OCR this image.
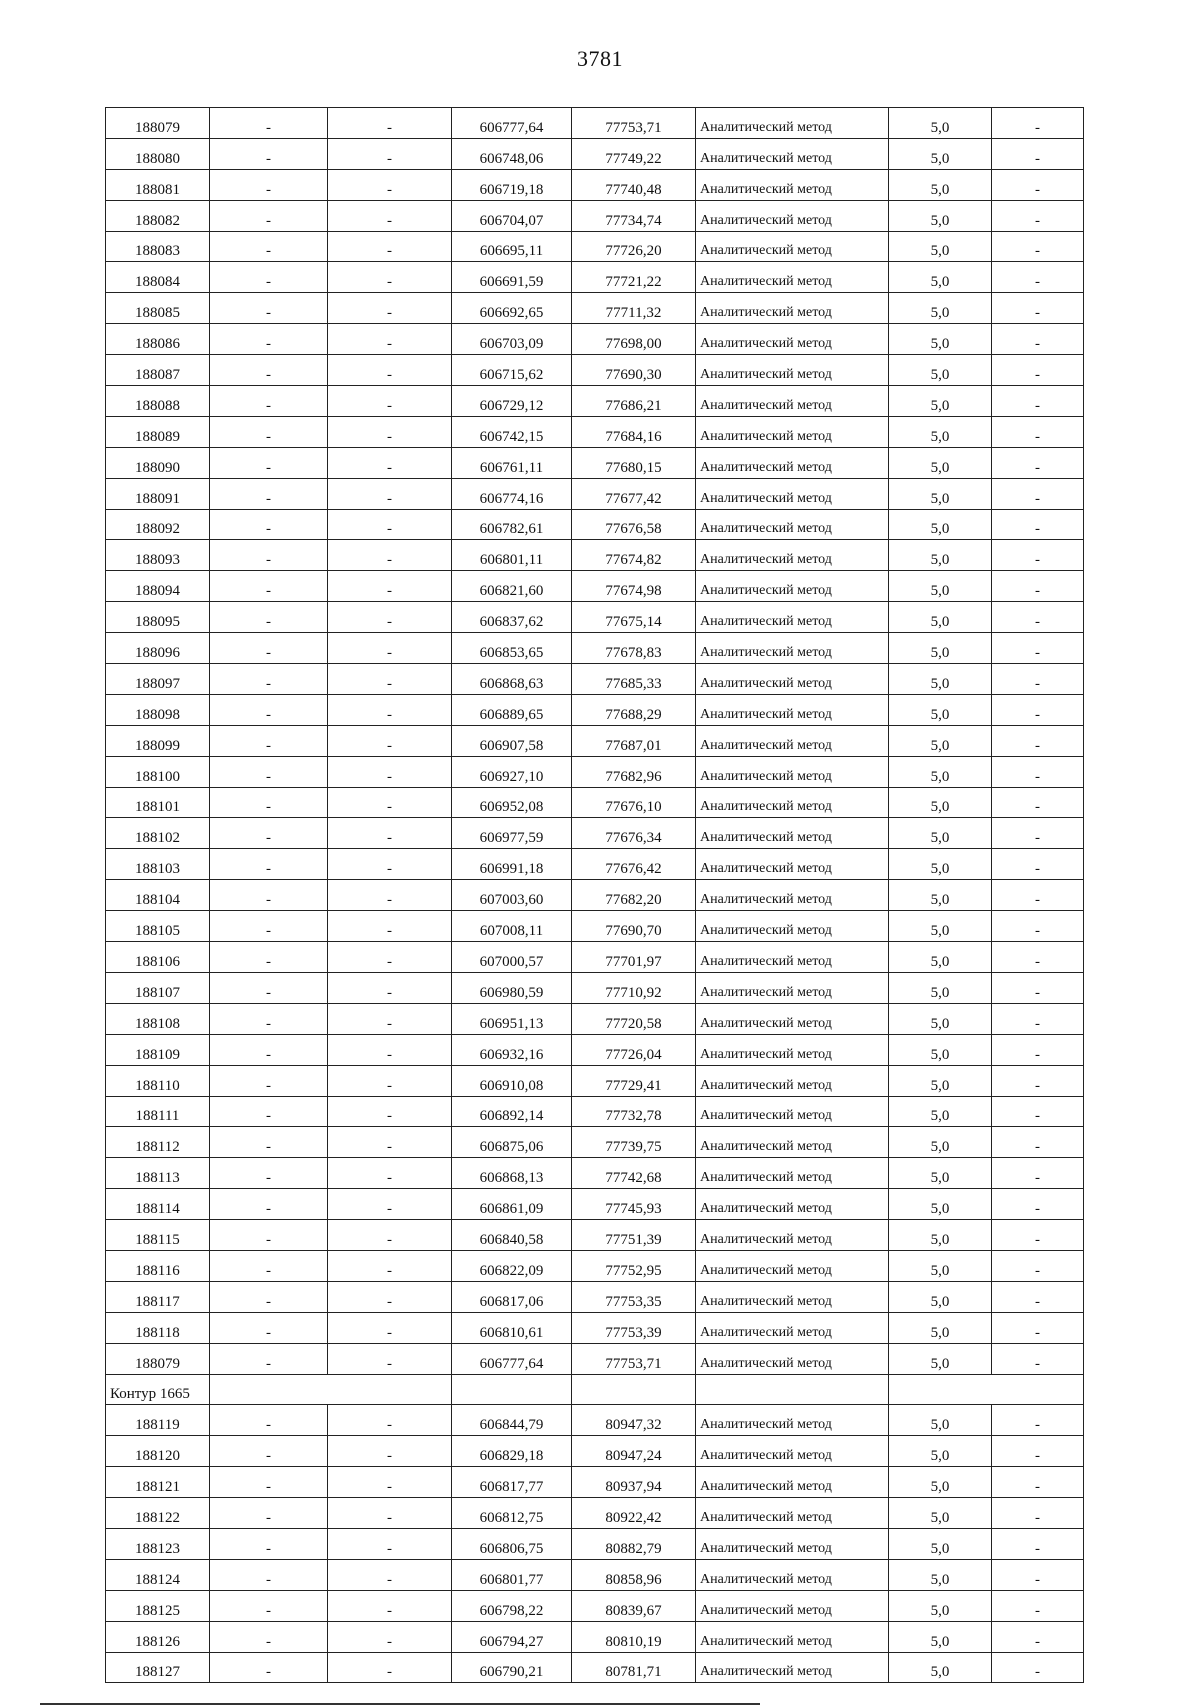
3781
188079	-	-	606777,64	77753,71	Аналитический метод	5,0	-
188080	-	-	606748,06	77749,22	Аналитический метод	5,0	-
188081	-	-	606719,18	77740,48	Аналитический метод	5,0	-
188082	-	-	606704,07	77734,74	Аналитический метод	5,0	-
188083	-	-	606695,11	77726,20	Аналитический метод	5,0	-
188084	-	-	606691,59	77721,22	Аналитический метод	5,0	-
188085	-	-	606692,65	77711,32	Аналитический метод	5,0	-
188086	-	-	606703,09	77698,00	Аналитический метод	5,0	-
188087	-	-	606715,62	77690,30	Аналитический метод	5,0	-
188088	-	-	606729,12	77686,21	Аналитический метод	5,0	-
188089	-	-	606742,15	77684,16	Аналитический метод	5,0	-
188090	-	-	606761,11	77680,15	Аналитический метод	5,0	-
188091	-	-	606774,16	77677,42	Аналитический метод	5,0	-
188092	-	-	606782,61	77676,58	Аналитический метод	5,0	-
188093	-	-	606801,11	77674,82	Аналитический метод	5,0	-
188094	-	-	606821,60	77674,98	Аналитический метод	5,0	-
188095	-	-	606837,62	77675,14	Аналитический метод	5,0	-
188096	-	-	606853,65	77678,83	Аналитический метод	5,0	-
188097	-	-	606868,63	77685,33	Аналитический метод	5,0	-
188098	-	-	606889,65	77688,29	Аналитический метод	5,0	-
188099	-	-	606907,58	77687,01	Аналитический метод	5,0	-
188100	-	-	606927,10	77682,96	Аналитический метод	5,0	-
188101	-	-	606952,08	77676,10	Аналитический метод	5,0	-
188102	-	-	606977,59	77676,34	Аналитический метод	5,0	-
188103	-	-	606991,18	77676,42	Аналитический метод	5,0	-
188104	-	-	607003,60	77682,20	Аналитический метод	5,0	-
188105	-	-	607008,11	77690,70	Аналитический метод	5,0	-
188106	-	-	607000,57	77701,97	Аналитический метод	5,0	-
188107	-	-	606980,59	77710,92	Аналитический метод	5,0	-
188108	-	-	606951,13	77720,58	Аналитический метод	5,0	-
188109	-	-	606932,16	77726,04	Аналитический метод	5,0	-
188110	-	-	606910,08	77729,41	Аналитический метод	5,0	-
188111	-	-	606892,14	77732,78	Аналитический метод	5,0	-
188112	-	-	606875,06	77739,75	Аналитический метод	5,0	-
188113	-	-	606868,13	77742,68	Аналитический метод	5,0	-
188114	-	-	606861,09	77745,93	Аналитический метод	5,0	-
188115	-	-	606840,58	77751,39	Аналитический метод	5,0	-
188116	-	-	606822,09	77752,95	Аналитический метод	5,0	-
188117	-	-	606817,06	77753,35	Аналитический метод	5,0	-
188118	-	-	606810,61	77753,39	Аналитический метод	5,0	-
188079	-	-	606777,64	77753,71	Аналитический метод	5,0	-
Контур 1665							
188119	-	-	606844,79	80947,32	Аналитический метод	5,0	-
188120	-	-	606829,18	80947,24	Аналитический метод	5,0	-
188121	-	-	606817,77	80937,94	Аналитический метод	5,0	-
188122	-	-	606812,75	80922,42	Аналитический метод	5,0	-
188123	-	-	606806,75	80882,79	Аналитический метод	5,0	-
188124	-	-	606801,77	80858,96	Аналитический метод	5,0	-
188125	-	-	606798,22	80839,67	Аналитический метод	5,0	-
188126	-	-	606794,27	80810,19	Аналитический метод	5,0	-
188127	-	-	606790,21	80781,71	Аналитический метод	5,0	-
